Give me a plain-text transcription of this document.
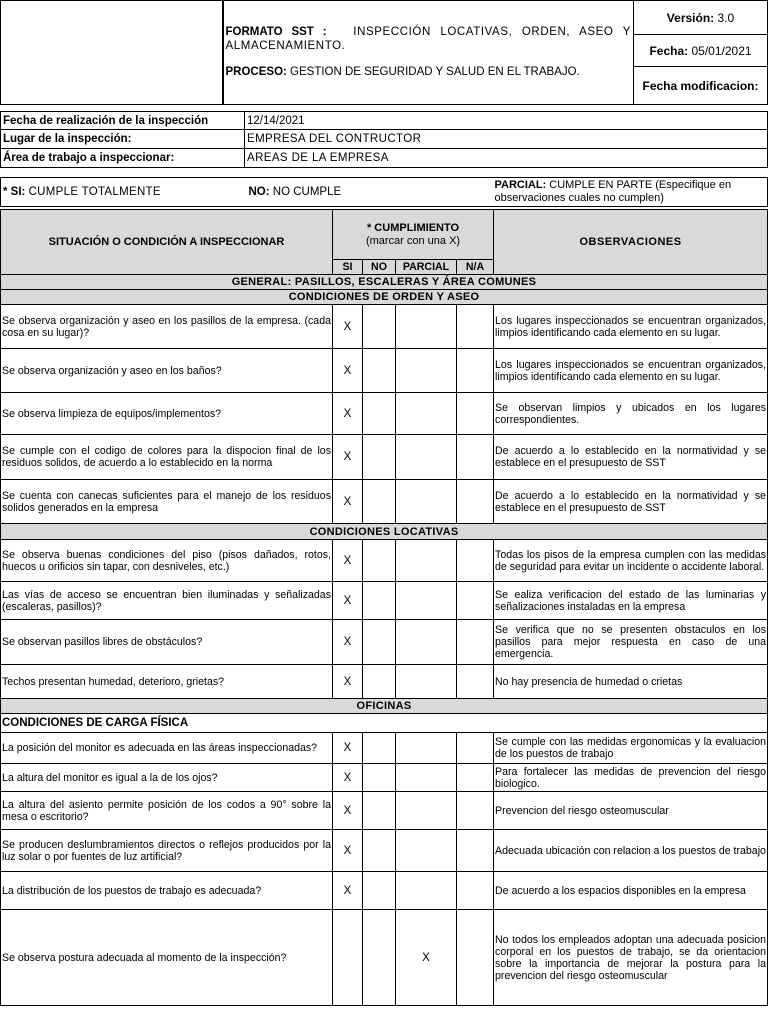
FORMATO SST : INSPECCIÓN LOCATIVAS, ORDEN, ASEO Y ALMACENAMIENTO.
PROCESO: GESTION DE SEGURIDAD Y SALUD EN EL TRABAJO.
	Versión: 3.0
Fecha: 05/01/2021
Fecha modificacion:
Fecha de realización de la inspección	12/14/2021
Lugar de la inspección:	EMPRESA DEL CONTRUCTOR
Área de trabajo a inspeccionar:	AREAS DE LA EMPRESA
* SI: CUMPLE TOTALMENTE	NO: NO CUMPLE	PARCIAL: CUMPLE EN PARTE (Especifique en observaciones cuales no cumplen)
SITUACIÓN O CONDICIÓN A INSPECCIONAR	* CUMPLIMIENTO
(marcar con una X)				OBSERVACIONES
	SI	NO	PARCIAL	N/A	
GENERAL: PASILLOS, ESCALERAS Y ÁREA COMUNES					
CONDICIONES DE ORDEN Y ASEO					
Se observa organización y aseo en los pasillos de la empresa. (cada cosa en su lugar)?	X				Los lugares inspeccionados se encuentran organizados, limpios identificando cada elemento en su lugar.
Se observa organización y aseo en los baños?	X				Los lugares inspeccionados se encuentran organizados, limpios identificando cada elemento en su lugar.
Se observa limpieza de equipos/implementos?	X				Se observan limpios y ubicados en los lugares correspondientes.
Se cumple con el codigo de colores para la dispocion final de los residuos solidos, de acuerdo a lo establecido en la norma	X				De acuerdo a lo establecido en la normatividad y se establece en el presupuesto de SST
Se cuenta con canecas suficientes para el manejo de los residuos solidos generados en la empresa	X				De acuerdo a lo establecido en la normatividad y se establece en el presupuesto de SST
CONDICIONES LOCATIVAS					
Se observa buenas condiciones del piso (pisos dañados, rotos, huecos u orificios sin tapar, con desniveles, etc.)	X				Todas los pisos de la empresa cumplen con las medidas de seguridad para evitar un incidente o accidente laboral.
Las vías de acceso se encuentran bien iluminadas y señalizadas (escaleras, pasillos)?	X				Se ealiza verificacion del estado de las luminarias y señalizaciones instaladas en la empresa
Se observan pasillos libres de obstáculos?	X				Se verifica que no se presenten obstaculos en los pasillos para mejor respuesta en caso de una emergencia.
Techos presentan humedad, deterioro, grietas?	X				No hay presencia de humedad o crietas
OFICINAS					
CONDICIONES DE CARGA FÍSICA					
La posición del monitor es adecuada en las áreas inspeccionadas?	X				Se cumple con las medidas ergonomicas y la evaluacion de los puestos de trabajo
La altura del monitor es igual a la de los ojos?	X				Para fortalecer las medidas de prevencion del riesgo biologico.
La altura del asiento permite posición de los codos a 90° sobre la mesa o escritorio?	X				Prevencion del riesgo osteomuscular
Se producen deslumbramientos directos o reflejos producidos por la luz solar o por fuentes de luz artificial?	X				Adecuada ubicación con relacion a los puestos de trabajo
La distribución de los puestos de trabajo es adecuada?	X				De acuerdo a los espacios disponibles en la empresa
Se observa postura adecuada al momento de la inspección?			X		No todos los empleados adoptan una adecuada posicion corporal en los puestos de trabajo, se da orientacion sobre la importancia de mejorar la postura para la prevencion del riesgo osteomuscular
